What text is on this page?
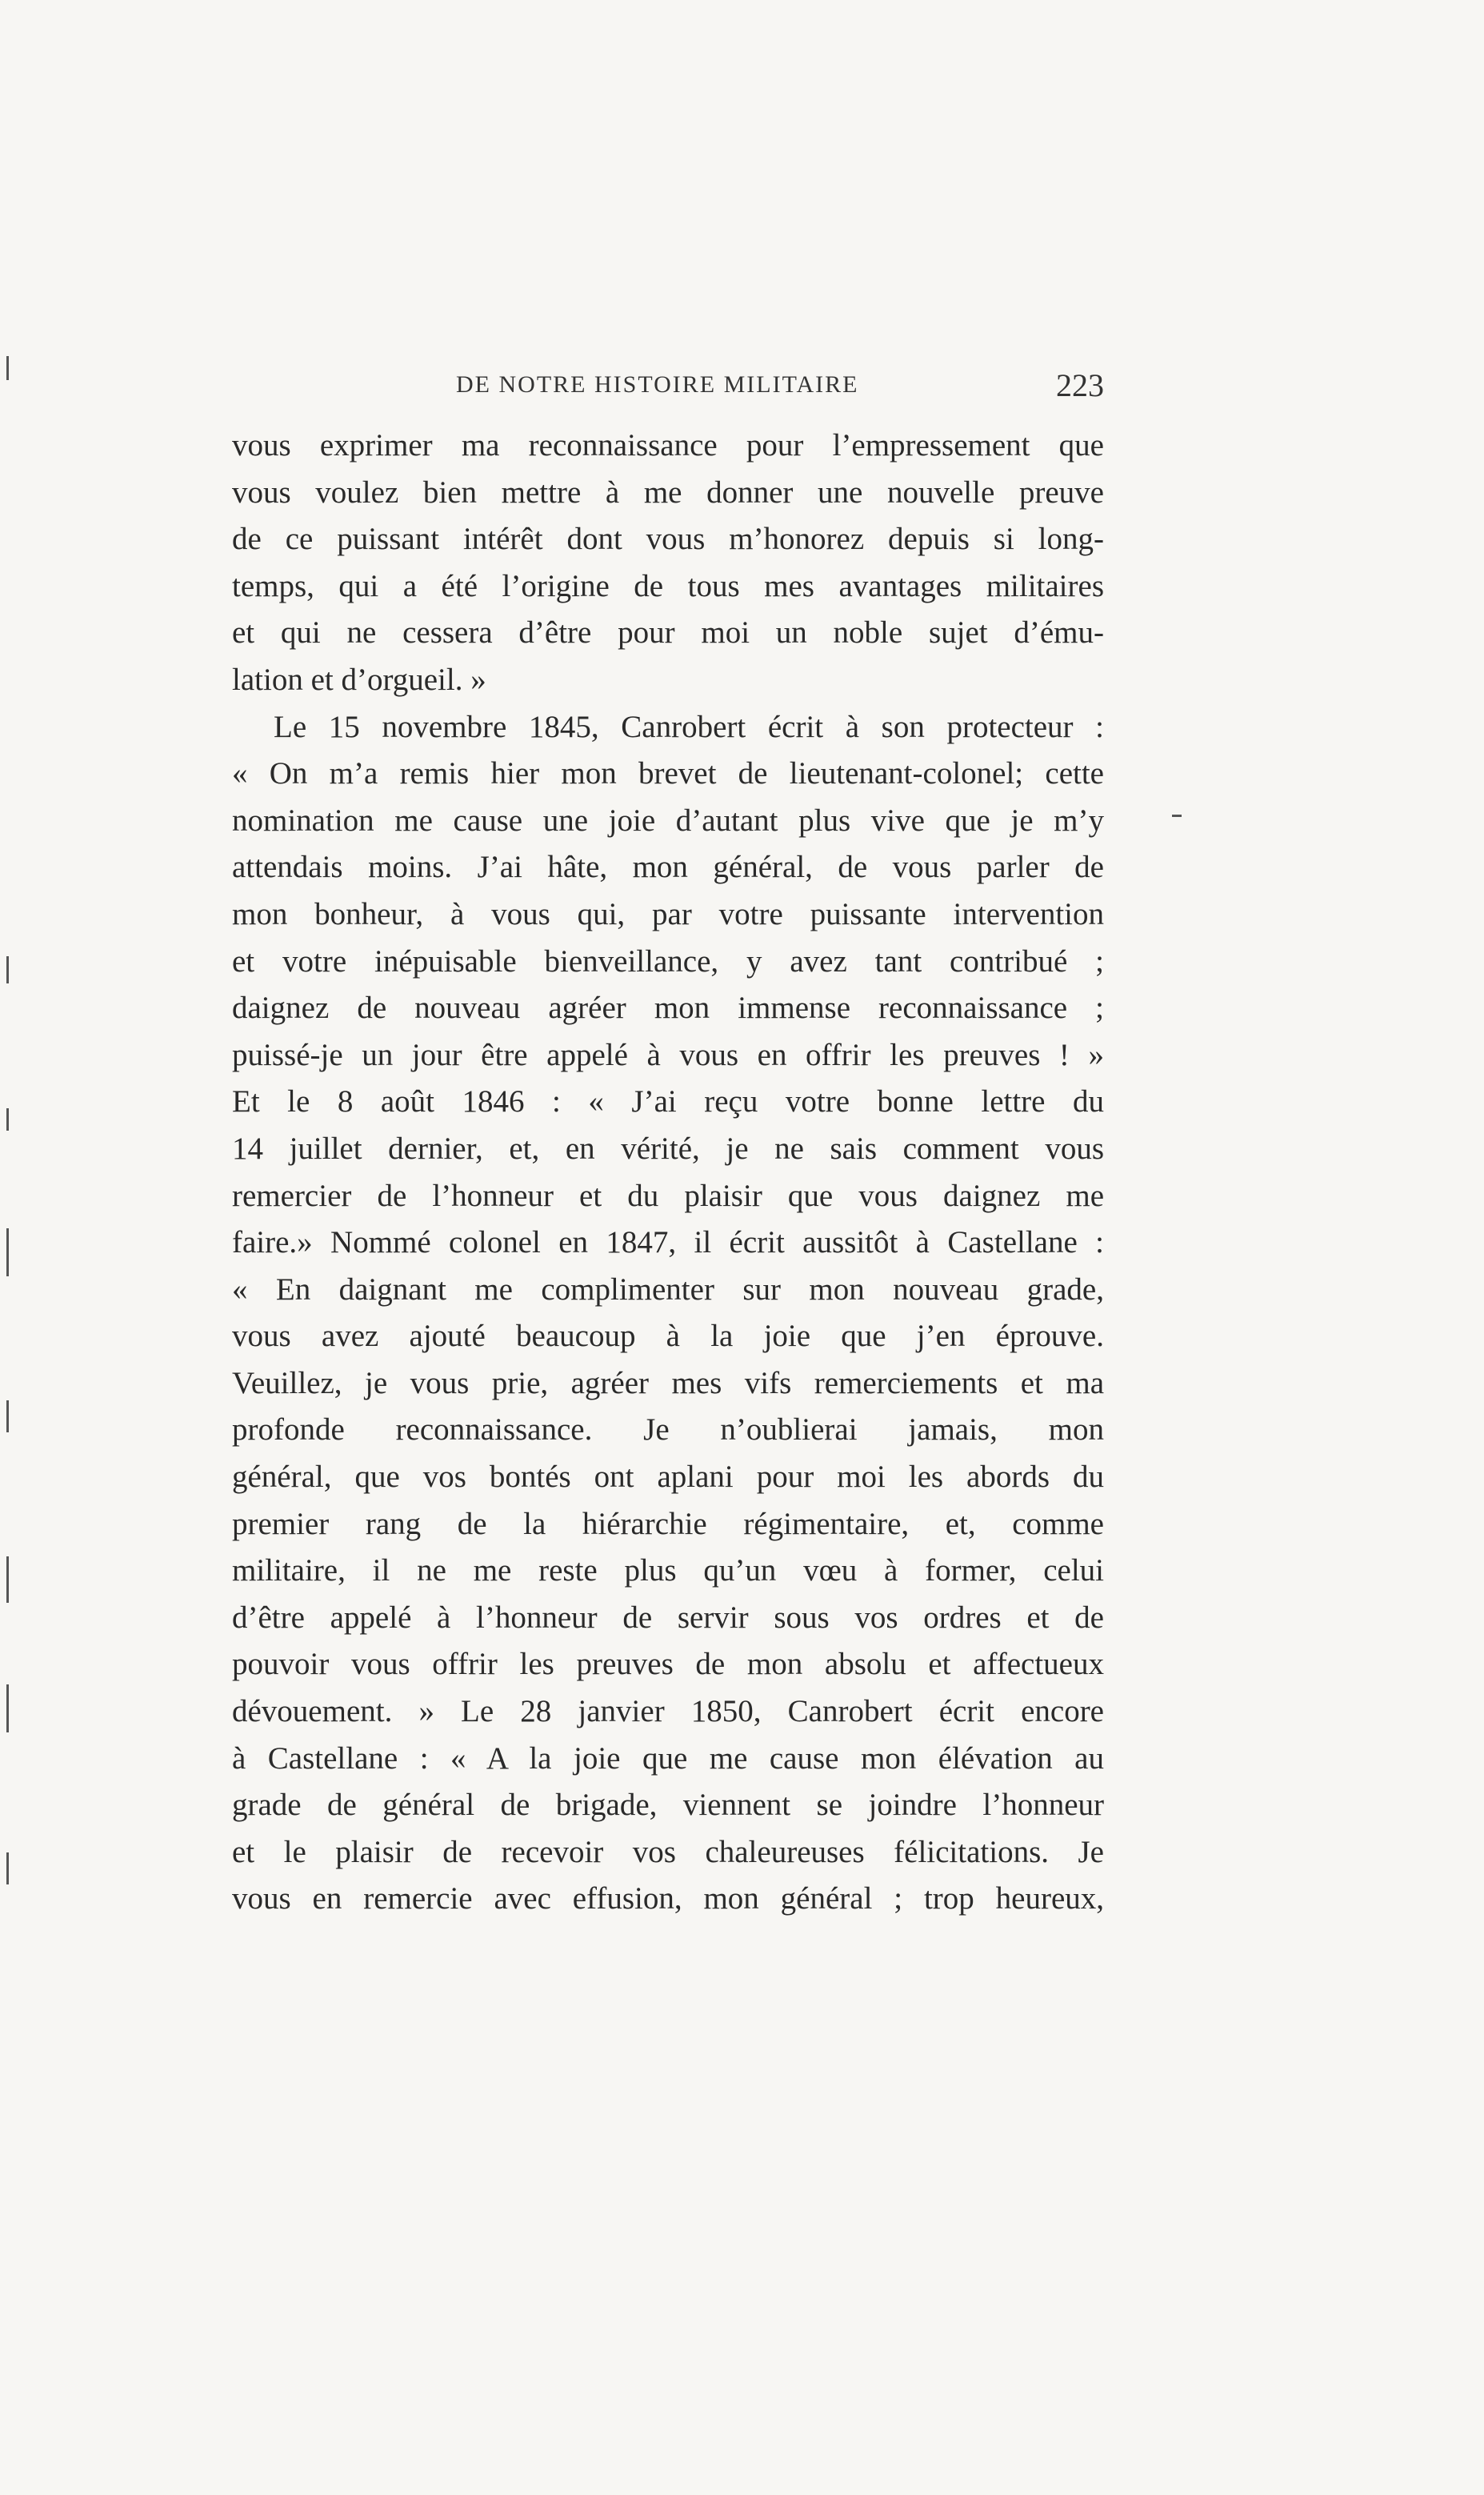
DE NOTRE HISTOIRE MILITAIRE	223
vous exprimer ma reconnaissance pour l’empressement que
vous voulez bien mettre à me donner une nouvelle preuve
de ce puissant intérêt dont vous m’honorez depuis si long-
temps, qui a été l’origine de tous mes avantages militaires
et qui ne cessera d’être pour moi un noble sujet d’ému-
lation et d’orgueil. »
Le 15 novembre 1845, Canrobert écrit à son protecteur :
« On m’a remis hier mon brevet de lieutenant-colonel; cette
nomination me cause une joie d’autant plus vive que je m’y
attendais moins. J’ai hâte, mon général, de vous parler de
mon bonheur, à vous qui, par votre puissante intervention
et votre inépuisable bienveillance, y avez tant contribué ;
daignez de nouveau agréer mon immense reconnaissance ;
puissé-je un jour être appelé à vous en offrir les preuves ! »
Et le 8 août 1846 : « J’ai reçu votre bonne lettre du
14 juillet dernier, et, en vérité, je ne sais comment vous
remercier de l’honneur et du plaisir que vous daignez me
faire.» Nommé colonel en 1847, il écrit aussitôt à Castellane :
« En daignant me complimenter sur mon nouveau grade,
vous avez ajouté beaucoup à la joie que j’en éprouve.
Veuillez, je vous prie, agréer mes vifs remerciements et ma
profonde reconnaissance. Je n’oublierai jamais, mon
général, que vos bontés ont aplani pour moi les abords du
premier rang de la hiérarchie régimentaire, et, comme
militaire, il ne me reste plus qu’un vœu à former, celui
d’être appelé à l’honneur de servir sous vos ordres et de
pouvoir vous offrir les preuves de mon absolu et affectueux
dévouement. » Le 28 janvier 1850, Canrobert écrit encore
à Castellane : « A la joie que me cause mon élévation au
grade de général de brigade, viennent se joindre l’honneur
et le plaisir de recevoir vos chaleureuses félicitations. Je
vous en remercie avec effusion, mon général ; trop heureux,
